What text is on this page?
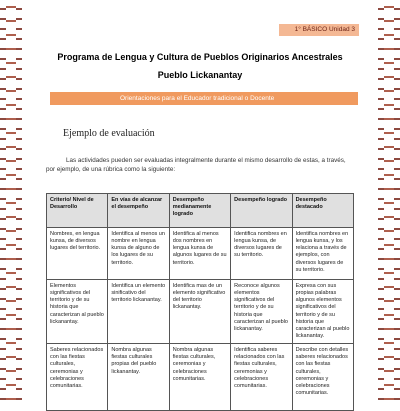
1° BÁSICO Unidad 3
Programa de Lengua y Cultura de Pueblos Originarios Ancestrales
Pueblo Lickanantay
Orientaciones para el Educador tradicional o Docente
Ejemplo de evaluación
Las actividades pueden ser evaluadas integralmente durante el mismo desarrollo de estas, a través, por ejemplo, de una rúbrica como la siguiente:
Criterio/ Nivel de Desarrollo	En vías de alcanzar el desempeño	Desempeño medianamente logrado	Desempeño logrado	Desempeño destacado
Nombres, en lengua kunsa, de diversos lugares del territorio.	Identifica al menos un nombre en lengua kunsa de alguno de los lugares de su territorio.	Identifica al menos dos nombres en lengua kunsa de algunos lugares de su territorio.	Identifica nombres en lengua kunsa, de diversos lugares de su territorio.	Identifica nombres en lengua kunsa, y los relaciona a través de ejemplos, con diversos lugares de su territorio.
Elementos significativos del territorio y de su historia que caracterizan al pueblo lickanantay.	Identifica un elemento sinificativo del territorio lickanantay.	Identifica mas de un elemento significativo del territorio lickanantay.	Reconoce algunos elementos significativos del territorio y de su historia que caracterizan al pueblo lickanantay.	Expresa con sus propias palabras algunos elementos significativos del territorio y de su historia que caracterizan al pueblo lickanantay.
Saberes relacionados con las fiestas culturales, ceremonias y celebraciones comunitarias.	Nombra algunas fiestas culturales propias del pueblo lickanantay.	Nombra algunas fiestas culturales, ceremonias y celebraciones comunitarias.	Identifica saberes relacionados con las fiestas culturales, ceremonias y celebraciones comunitarias.	Describe con detalles saberes relacionados con las fiestas culturales, ceremonias y celebraciones comunitarias.
